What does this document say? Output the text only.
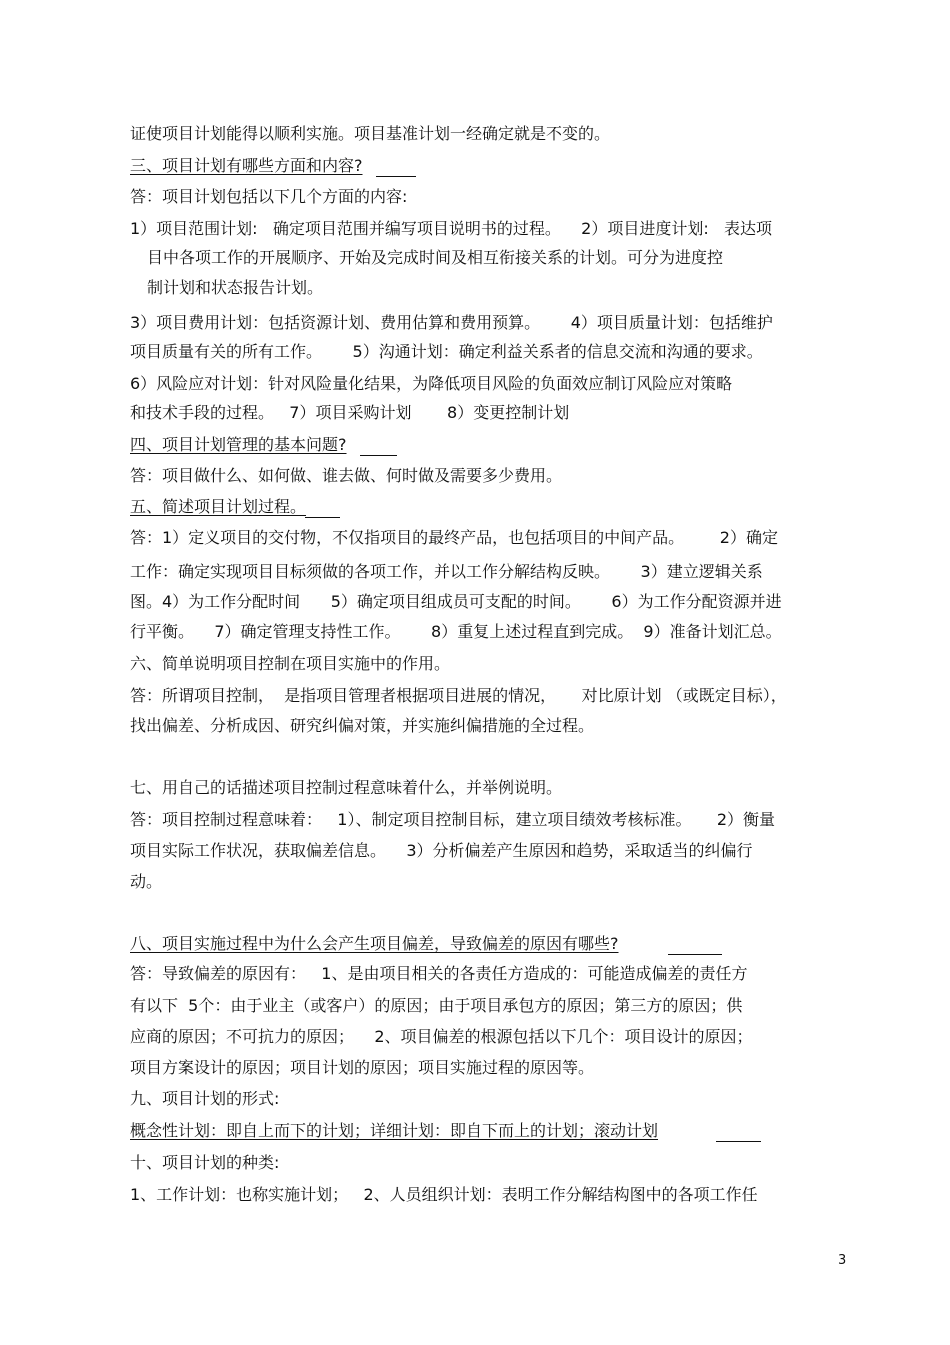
证使项目计划能得以顺利实施。项目基准计划一经确定就是不变的。
三、项目计划有哪些方面和内容?
答：项目计划包括以下几个方面的内容:
1）项目范围计划:   确定项目范围并编写项目说明书的过程。    2）项目进度计划:   表达项
目中各项工作的开展顺序、开始及完成时间及相互衔接关系的计划。可分为进度控
制计划和状态报告计划。
3）项目费用计划：包括资源计划、费用估算和费用预算。      4）项目质量计划：包括维护
项目质量有关的所有工作。      5）沟通计划：确定利益关系者的信息交流和沟通的要求。
6）风险应对计划：针对风险量化结果，为降低项目风险的负面效应制订风险应对策略
和技术手段的过程。   7）项目采购计划       8）变更控制计划
四、项目计划管理的基本问题?
答：项目做什么、如何做、谁去做、何时做及需要多少费用。
五、简述项目计划过程。
答：1）定义项目的交付物，不仅指项目的最终产品，也包括项目的中间产品。       2）确定
工作：确定实现项目目标须做的各项工作，并以工作分解结构反映。      3）建立逻辑关系
图。4）为工作分配时间      5）确定项目组成员可支配的时间。      6）为工作分配资源并进
行平衡。    7）确定管理支持性工作。      8）重复上述过程直到完成。  9）准备计划汇总。
六、简单说明项目控制在项目实施中的作用。
答：所谓项目控制，  是指项目管理者根据项目进展的情况，     对比原计划 （或既定目标），
找出偏差、分析成因、研究纠偏对策，并实施纠偏措施的全过程。
七、用自己的话描述项目控制过程意味着什么，并举例说明。
答：项目控制过程意味着：   1）、制定项目控制目标，建立项目绩效考核标准。     2）衡量
项目实际工作状况，获取偏差信息。    3）分析偏差产生原因和趋势，采取适当的纠偏行
动。
八、项目实施过程中为什么会产生项目偏差，导致偏差的原因有哪些?
答：导致偏差的原因有：   1、是由项目相关的各责任方造成的：可能造成偏差的责任方
有以下  5个：由于业主（或客户）的原因；由于项目承包方的原因；第三方的原因；供
应商的原因；不可抗力的原因；    2、项目偏差的根源包括以下几个：项目设计的原因；
项目方案设计的原因；项目计划的原因；项目实施过程的原因等。
九、项目计划的形式:
概念性计划：即自上而下的计划；详细计划：即自下而上的计划；滚动计划
十、项目计划的种类:
1、工作计划：也称实施计划；   2、人员组织计划：表明工作分解结构图中的各项工作任
3
